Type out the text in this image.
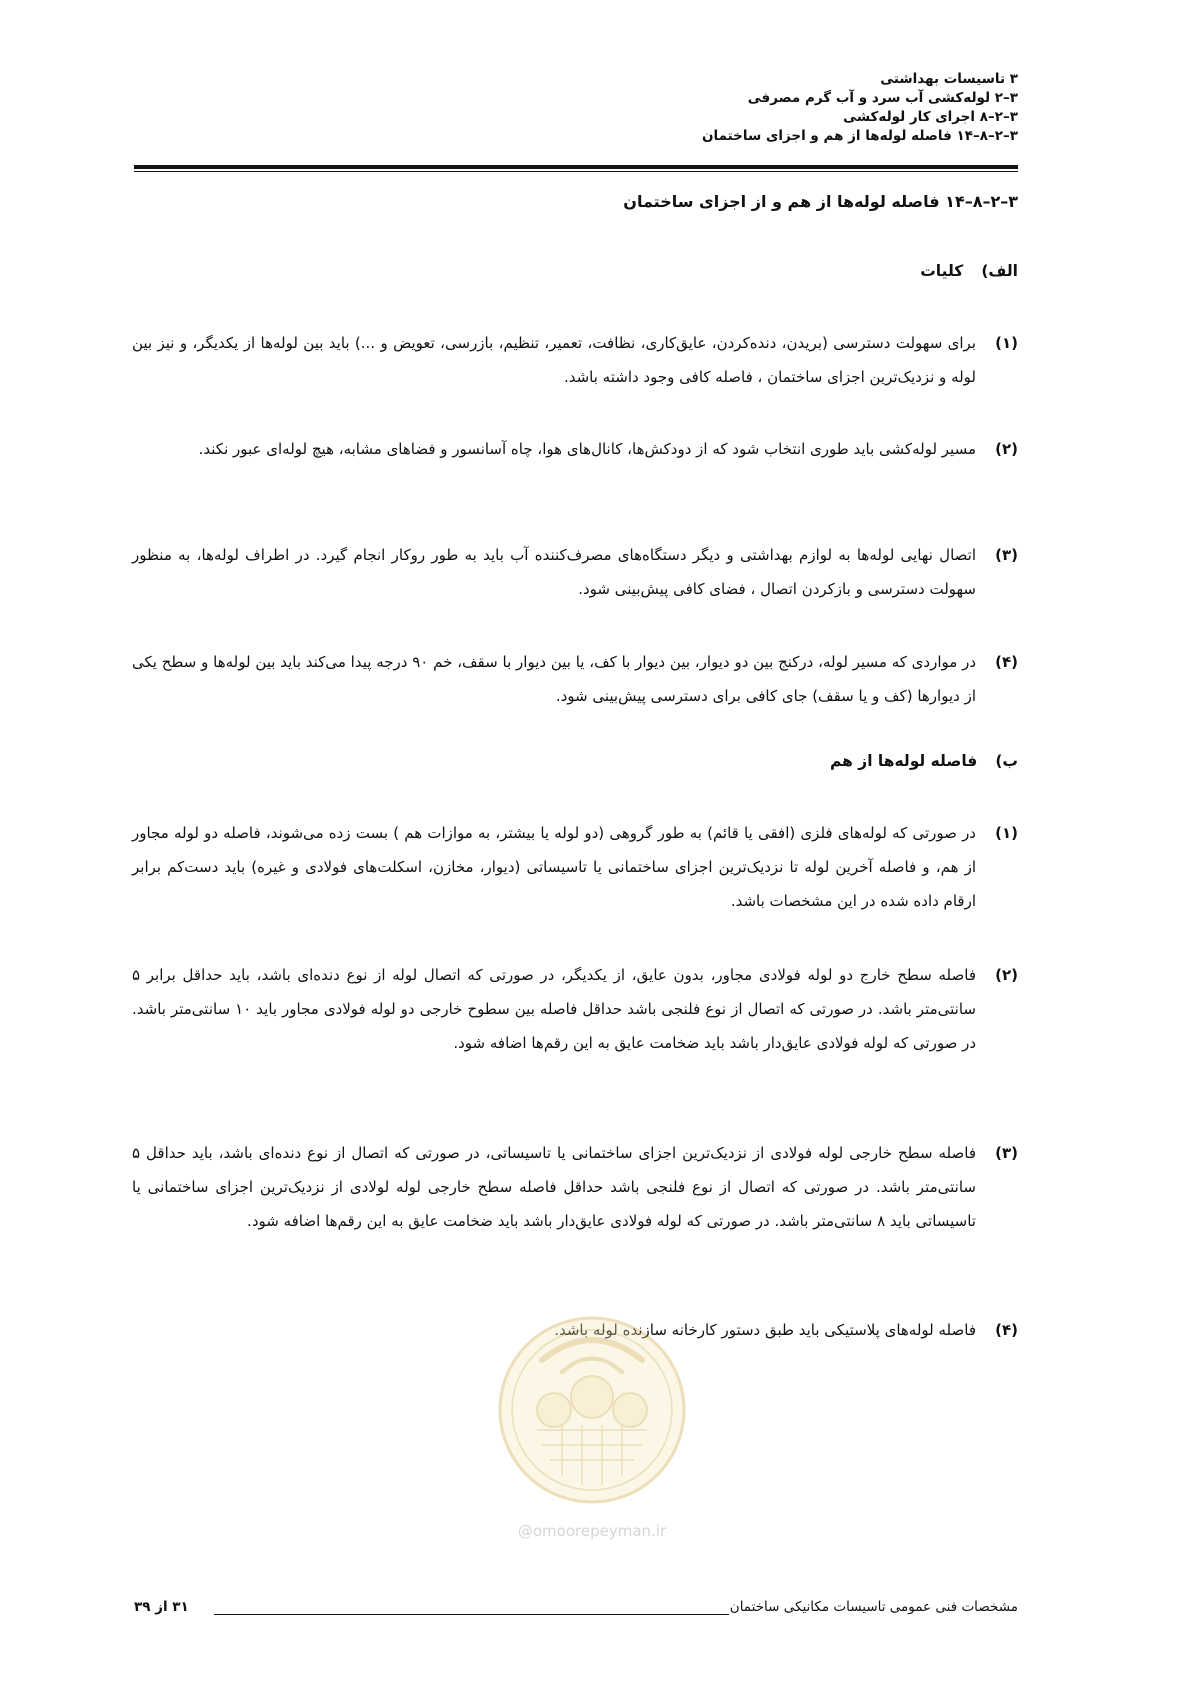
۳ تاسیسات بهداشتی
۳–۲ لوله‌کشی آب سرد و آب گرم مصرفی
۳–۲–۸ اجرای کار لوله‌کشی
۳–۲–۸–۱۴ فاصله لوله‌ها از هم و اجزای ساختمان
۳–۲–۸–۱۴ فاصله لوله‌ها از هم و از اجزای ساختمان
الف)
کلیات
(۱)
برای سهولت دسترسی (بریدن، دنده‌کردن، عایق‌کاری، نظافت، تعمیر، تنظیم، بازرسی، تعویض و ...) باید بین لوله‌ها از یکدیگر، و نیز بین لوله و نزدیک‌ترین اجزای ساختمان ، فاصله کافی وجود داشته باشد.
(۲)
مسیر لوله‌کشی باید طوری انتخاب شود که از دودکش‌ها، کانال‌های هوا، چاه آسانسور و فضاهای مشابه، هیچ لوله‌ای عبور نکند.
(۳)
اتصال نهایی لوله‌ها به لوازم بهداشتی و دیگر دستگاه‌های مصرف‌کننده آب باید به طور روکار انجام گیرد. در اطراف لوله‌ها، به منظور سهولت دسترسی و بازکردن اتصال ، فضای کافی پیش‌بینی شود.
(۴)
در مواردی که مسیر لوله، درکنج بین دو دیوار، بین دیوار با کف، یا بین دیوار با سقف، خم ۹۰ درجه پیدا می‌کند باید بین لوله‌ها و سطح یکی از دیوارها (کف و یا سقف) جای کافی برای دسترسی پیش‌بینی شود.
ب)
فاصله لوله‌ها از هم
(۱)
در صورتی که لوله‌های فلزی (افقی یا قائم) به طور گروهی (دو لوله یا بیشتر، به موازات هم ) بست زده می‌شوند، فاصله دو لوله مجاور از هم، و فاصله آخرین لوله تا نزدیک‌ترین اجزای ساختمانی یا تاسیساتی (دیوار، مخازن، اسکلت‌های فولادی و غیره) باید دست‌کم برابر ارقام داده شده در این مشخصات باشد.
(۲)
فاصله سطح خارج دو لوله فولادی مجاور، بدون عایق، از یکدیگر، در صورتی که اتصال لوله از نوع دنده‌ای باشد، باید حداقل برابر ۵ سانتی‌متر باشد. در صورتی که اتصال از نوع فلنجی باشد حداقل فاصله بین سطوح خارجی دو لوله فولادی مجاور باید ۱۰ سانتی‌متر باشد. در صورتی که لوله فولادی عایق‌دار باشد باید ضخامت عایق به این رقم‌ها اضافه شود.
(۳)
فاصله سطح خارجی لوله فولادی از نزدیک‌ترین اجزای ساختمانی یا تاسیساتی، در صورتی که اتصال از نوع دنده‌ای باشد، باید حداقل ۵ سانتی‌متر باشد. در صورتی که اتصال از نوع فلنجی باشد حداقل فاصله سطح خارجی لوله لولادی از نزدیک‌ترین اجزای ساختمانی یا تاسیساتی باید ۸ سانتی‌متر باشد. در صورتی که لوله فولادی عایق‌دار باشد باید ضخامت عایق به این رقم‌ها اضافه شود.
(۴)
فاصله لوله‌های پلاستیکی باید طبق دستور کارخانه سازنده لوله باشد.
@omoorepeyman.ir
مشخصات فنی عمومی تاسیسات مکانیکی ساختمان
۳۱ از ۳۹
